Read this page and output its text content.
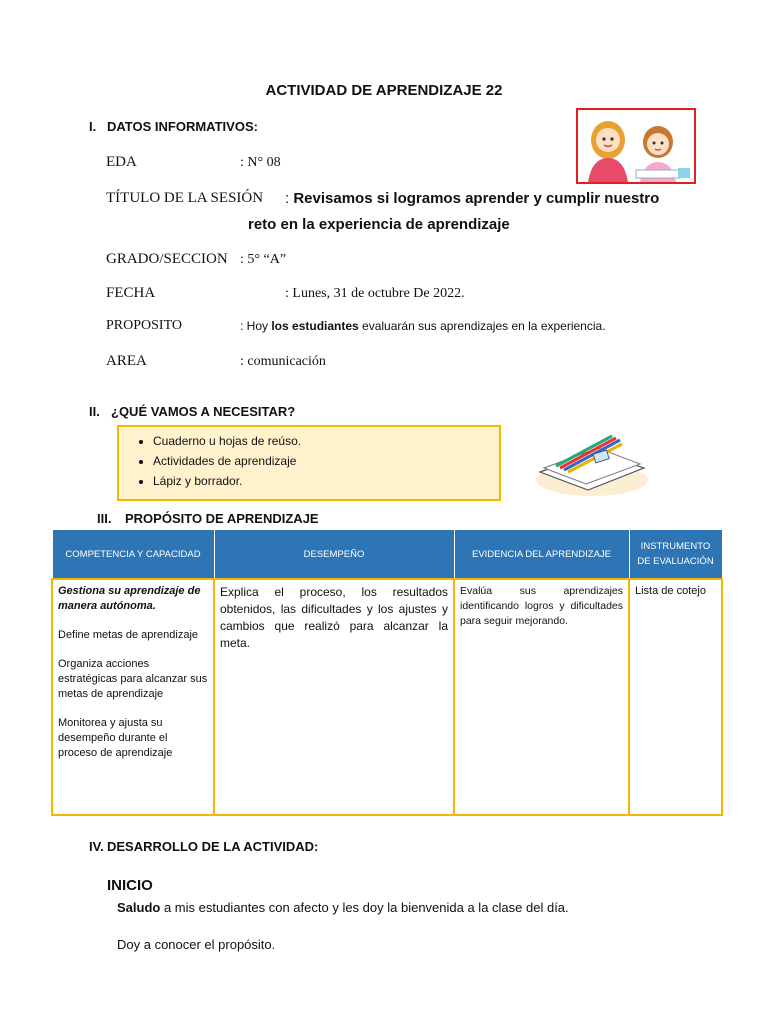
ACTIVIDAD DE APRENDIZAJE 22
I. DATOS INFORMATIVOS:
EDA	: N° 08
TÍTULO DE LA SESIÓN : Revisamos si logramos aprender y cumplir nuestro
reto en la experiencia de aprendizaje
GRADO/SECCION : 5° “A”
FECHA	: Lunes, 31 de octubre De 2022.
PROPOSITO	: Hoy los estudiantes evaluarán sus aprendizajes en la experiencia.
AREA	: comunicación
II. ¿QUÉ VAMOS A NECESITAR?
• Cuaderno u hojas de reúso.
• Actividades de aprendizaje
• Lápiz y borrador.
III. PROPÓSITO DE APRENDIZAJE
COMPETENCIA Y CAPACIDAD	DESEMPEÑO	EVIDENCIA DEL APRENDIZAJE	INSTRUMENTO DE EVALUACIÓN

Gestiona su aprendizaje de manera autónoma.

Define metas de aprendizaje

Organiza acciones estratégicas para alcanzar sus metas de aprendizaje

Monitorea y ajusta su desempeño durante el proceso de aprendizaje	Explica el proceso, los resultados obtenidos, las dificultades y los ajustes y cambios que realizó para alcanzar la meta.	Evalúa sus aprendizajes identificando logros y dificultades para seguir mejorando.	Lista de cotejo
IV. DESARROLLO DE LA ACTIVIDAD:
INICIO
Saludo a mis estudiantes con afecto y les doy la bienvenida a la clase del día.
Doy a conocer el propósito.
